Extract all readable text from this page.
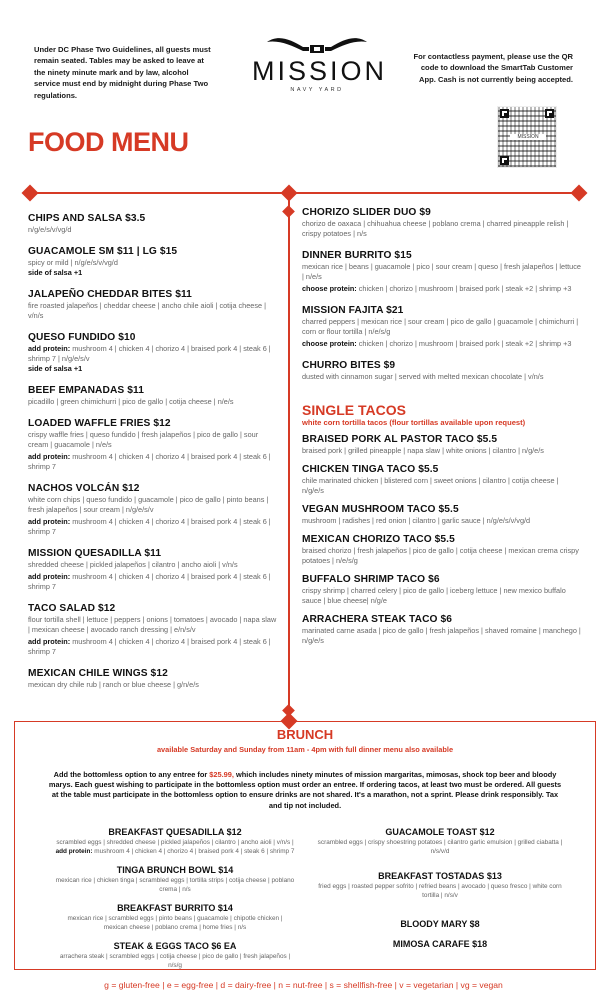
Under DC Phase Two Guidelines, all guests must remain seated. Tables may be asked to leave at the ninety minute mark and by law, alcohol service must end by midnight during Phase Two regulations.
MISSION
NAVY YARD
For contactless payment, please use the QR code to download the SmartTab Customer App. Cash is not currently being accepted.
MISSION
FOOD MENU
CHIPS AND SALSA $3.5
n/g/e/s/v/vg/d
GUACAMOLE SM $11 | LG $15
spicy or mild | n/g/e/s/v/vg/d
side of salsa +1
JALAPEÑO CHEDDAR BITES $11
fire roasted jalapeños | cheddar cheese | ancho chile aioli | cotija cheese | v/n/s
QUESO FUNDIDO $10
add protein: mushroom 4 | chicken 4 | chorizo 4 | braised pork 4 | steak 6 | shrimp 7 | n/g/e/s/v
side of salsa +1
BEEF EMPANADAS $11
picadillo | green chimichurri | pico de gallo | cotija cheese | n/e/s
LOADED WAFFLE FRIES $12
crispy waffle fries | queso fundido | fresh jalapeños | pico de gallo | sour cream | guacamole | n/e/s
add protein: mushroom 4 | chicken 4 | chorizo 4 | braised pork 4 | steak 6 | shrimp 7
NACHOS VOLCÁN $12
white corn chips | queso fundido | guacamole | pico de gallo | pinto beans | fresh jalapeños | sour cream | n/g/e/s/v
add protein: mushroom 4 | chicken 4 | chorizo 4 | braised pork 4 | steak 6 | shrimp 7
MISSION QUESADILLA $11
shredded cheese | pickled jalapeños | cilantro | ancho aioli | v/n/s
add protein: mushroom 4 | chicken 4 | chorizo 4 | braised pork 4 | steak 6 | shrimp 7
TACO SALAD $12
flour tortilla shell | lettuce | peppers | onions | tomatoes | avocado | napa slaw | mexican cheese | avocado ranch dressing | e/n/s/v
add protein: mushroom 4 | chicken 4 | chorizo 4 | braised pork 4 | steak 6 | shrimp 7
MEXICAN CHILE WINGS $12
mexican dry chile rub | ranch or blue cheese | g/n/e/s
CHORIZO SLIDER DUO $9
chorizo de oaxaca | chihuahua cheese | poblano crema | charred pineapple relish | crispy potatoes | n/s
DINNER BURRITO $15
mexican rice | beans | guacamole | pico | sour cream | queso | fresh jalapeños | lettuce | n/e/s
choose protein: chicken | chorizo | mushroom | braised pork | steak +2 | shrimp +3
MISSION FAJITA $21
charred peppers | mexican rice | sour cream | pico de gallo | guacamole | chimichurri | corn or flour tortilla | n/e/s/g
choose protein: chicken | chorizo | mushroom | braised pork | steak +2 | shrimp +3
CHURRO BITES $9
dusted with cinnamon sugar | served with melted mexican chocolate | v/n/s
SINGLE TACOS
white corn tortilla tacos (flour tortillas available upon request)
BRAISED PORK AL PASTOR TACO $5.5
braised pork | grilled pineapple | napa slaw | white onions | cilantro | n/g/e/s
CHICKEN TINGA TACO $5.5
chile marinated chicken | blistered corn | sweet onions | cilantro | cotija cheese | n/g/e/s
VEGAN MUSHROOM TACO $5.5
mushroom | radishes | red onion | cilantro | garlic sauce | n/g/e/s/v/vg/d
MEXICAN CHORIZO TACO $5.5
braised chorizo | fresh jalapeños | pico de gallo | cotija cheese | mexican crema crispy potatoes | n/e/s/g
BUFFALO SHRIMP TACO $6
crispy shrimp | charred celery | pico de gallo | iceberg lettuce | new mexico buffalo sauce | blue cheese| n/g/e
ARRACHERA STEAK TACO $6
marinated carne asada | pico de gallo | fresh jalapeños | shaved romaine | manchego | n/g/e/s
BRUNCH
available Saturday and Sunday from 11am - 4pm with full dinner menu also available
Add the bottomless option to any entree for $25.99, which includes ninety minutes of mission margaritas, mimosas, shock top beer and bloody marys. Each guest wishing to participate in the bottomless option must order an entree. If ordering tacos, at least two must be ordered. All guests at the table must participate in the bottomless option to ensure drinks are not shared. It's a marathon, not a sprint. Please drink responsibly. Tax and tip not included.
BREAKFAST QUESADILLA $12
scrambled eggs | shredded cheese | pickled jalapeños | cilantro | ancho aioli | v/n/s | add protein: mushroom 4 | chicken 4 | chorizo 4 | braised pork 4 | steak 6 | shrimp 7
TINGA BRUNCH BOWL $14
mexican rice | chicken tinga | scrambled eggs | tortilla strips | cotija cheese | poblano crema | n/s
BREAKFAST BURRITO $14
mexican rice | scrambled eggs | pinto beans | guacamole | chipotle chicken | mexican cheese | poblano crema | home fries | n/s
STEAK & EGGS TACO $6 EA
arrachera steak | scrambled eggs | cotija cheese | pico de gallo | fresh jalapeños | n/s/g
GUACAMOLE TOAST $12
scrambled eggs | crispy shoestring potatoes | cilantro garlic emulsion | grilled ciabatta | n/s/v/d
BREAKFAST TOSTADAS $13
fried eggs | roasted pepper sofrito | refried beans | avocado | queso fresco | white corn tortilla | n/s/v
BLOODY MARY $8
MIMOSA CARAFE $18
g = gluten-free | e = egg-free | d = dairy-free | n = nut-free | s = shellfish-free | v = vegetarian | vg = vegan
